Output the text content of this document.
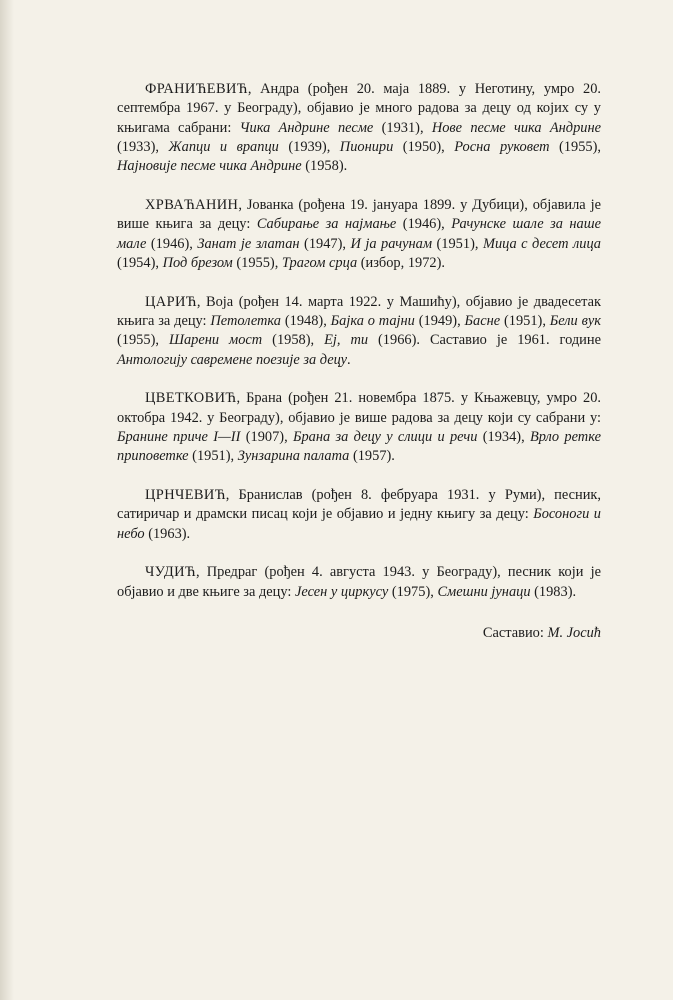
ФРАНИЋЕВИЋ, Андра (рођен 20. маја 1889. у Неготину, умро 20. септембра 1967. у Београду), објавио је много радова за децу од којих су у књигама сабрани: Чика Андрине песме (1931), Нове песме чика Андрине (1933), Жапци и врапци (1939), Пионири (1950), Росна руковет (1955), Најновије песме чика Андрине (1958).

ХРВАЋАНИН, Јованка (рођена 19. јануара 1899. у Дубици), објавила је више књига за децу: Сабирање за најмање (1946), Рачунске шале за наше мале (1946), Занат је златан (1947), И ја рачунам (1951), Мица с десет лица (1954), Под брезом (1955), Трагом срца (избор, 1972).

ЦАРИЋ, Воја (рођен 14. марта 1922. у Машићу), објавио је двадесетак књига за децу: Петолетка (1948), Бајка о тајни (1949), Басне (1951), Бели вук (1955), Шарени мост (1958), Еј, ти (1966). Саставио је 1961. године Антологију савремене поезије за децу.

ЦВЕТКОВИЋ, Брана (рођен 21. новембра 1875. у Књажевцу, умро 20. октобра 1942. у Београду), објавио је више радова за децу који су сабрани у: Бранине приче I—II (1907), Брана за децу у слици и речи (1934), Врло ретке приповетке (1951), Зунзарина палата (1957).

ЦРНЧЕВИЋ, Бранислав (рођен 8. фебруара 1931. у Руми), песник, сатиричар и драмски писац који је објавио и једну књигу за децу: Босоноги и небо (1963).

ЧУДИЋ, Предраг (рођен 4. августа 1943. у Београду), песник који је објавио и две књиге за децу: Јесен у циркусу (1975), Смешни јунаци (1983).

Саставио: М. Јосић
